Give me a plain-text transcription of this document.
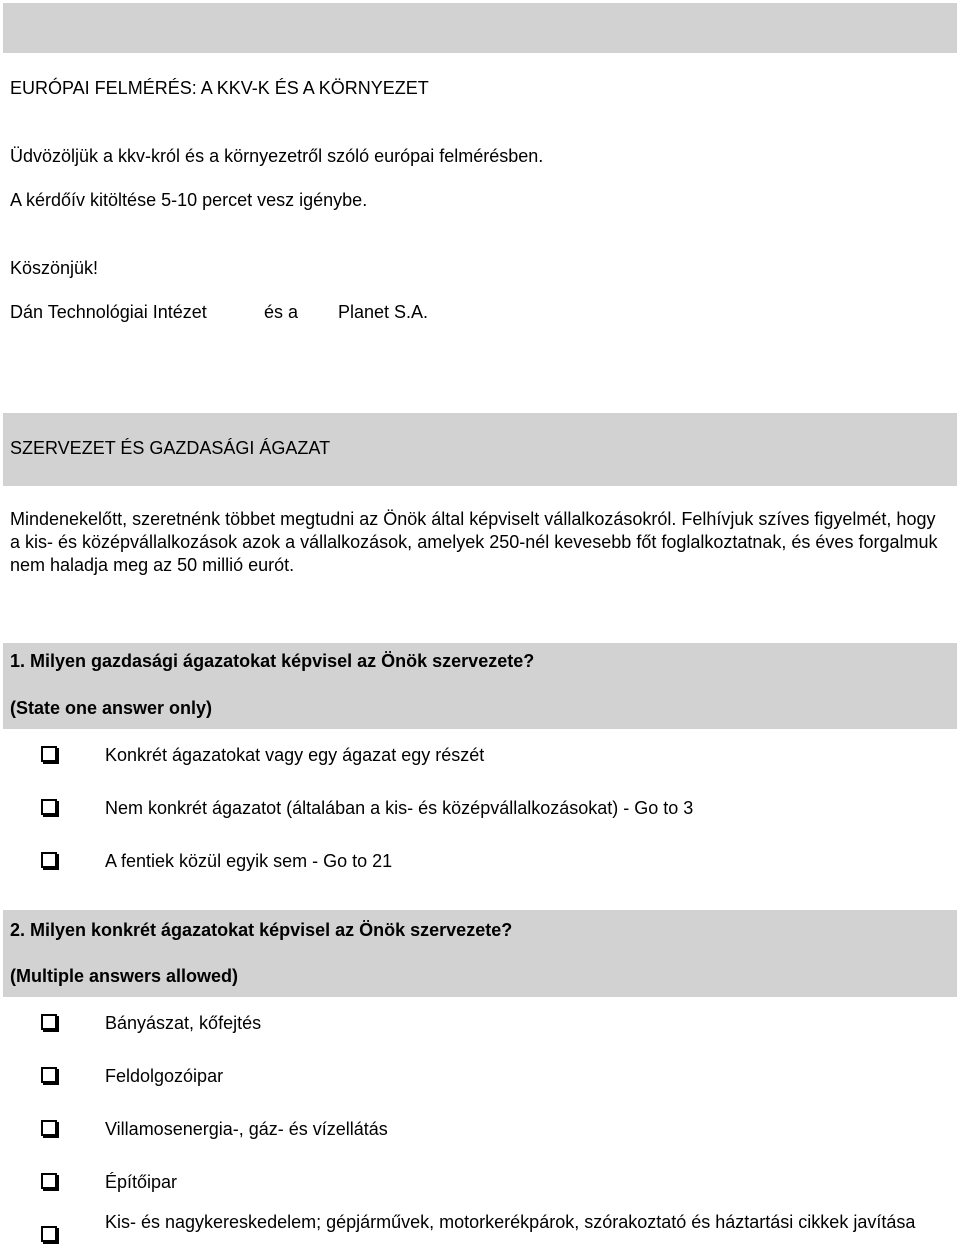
EURÓPAI FELMÉRÉS: A KKV-K ÉS A KÖRNYEZET
Üdvözöljük a kkv-król és a környezetről szóló európai felmérésben.
A kérdőív kitöltése 5-10 percet vesz igénybe.
Köszönjük!
Dán Technológiai Intézet	és a Planet S.A.
SZERVEZET ÉS GAZDASÁGI ÁGAZAT
Mindenekelőtt, szeretnénk többet megtudni az Önök által képviselt vállalkozásokról. Felhívjuk szíves figyelmét, hogy a kis- és középvállalkozások azok a vállalkozások, amelyek 250-nél kevesebb főt foglalkoztatnak, és éves forgalmuk nem haladja meg az 50 millió eurót.
1. Milyen gazdasági ágazatokat képvisel az Önök szervezete?
(State one answer only)
Konkrét ágazatokat vagy egy ágazat egy részét
Nem konkrét ágazatot (általában a kis- és középvállalkozásokat) - Go to 3
A fentiek közül egyik sem - Go to 21
2. Milyen konkrét ágazatokat képvisel az Önök szervezete?
(Multiple answers allowed)
Bányászat, kőfejtés
Feldolgozóipar
Villamosenergia-, gáz- és vízellátás
Építőipar
Kis- és nagykereskedelem; gépjárművek, motorkerékpárok, szórakoztató és háztartási cikkek javítása
